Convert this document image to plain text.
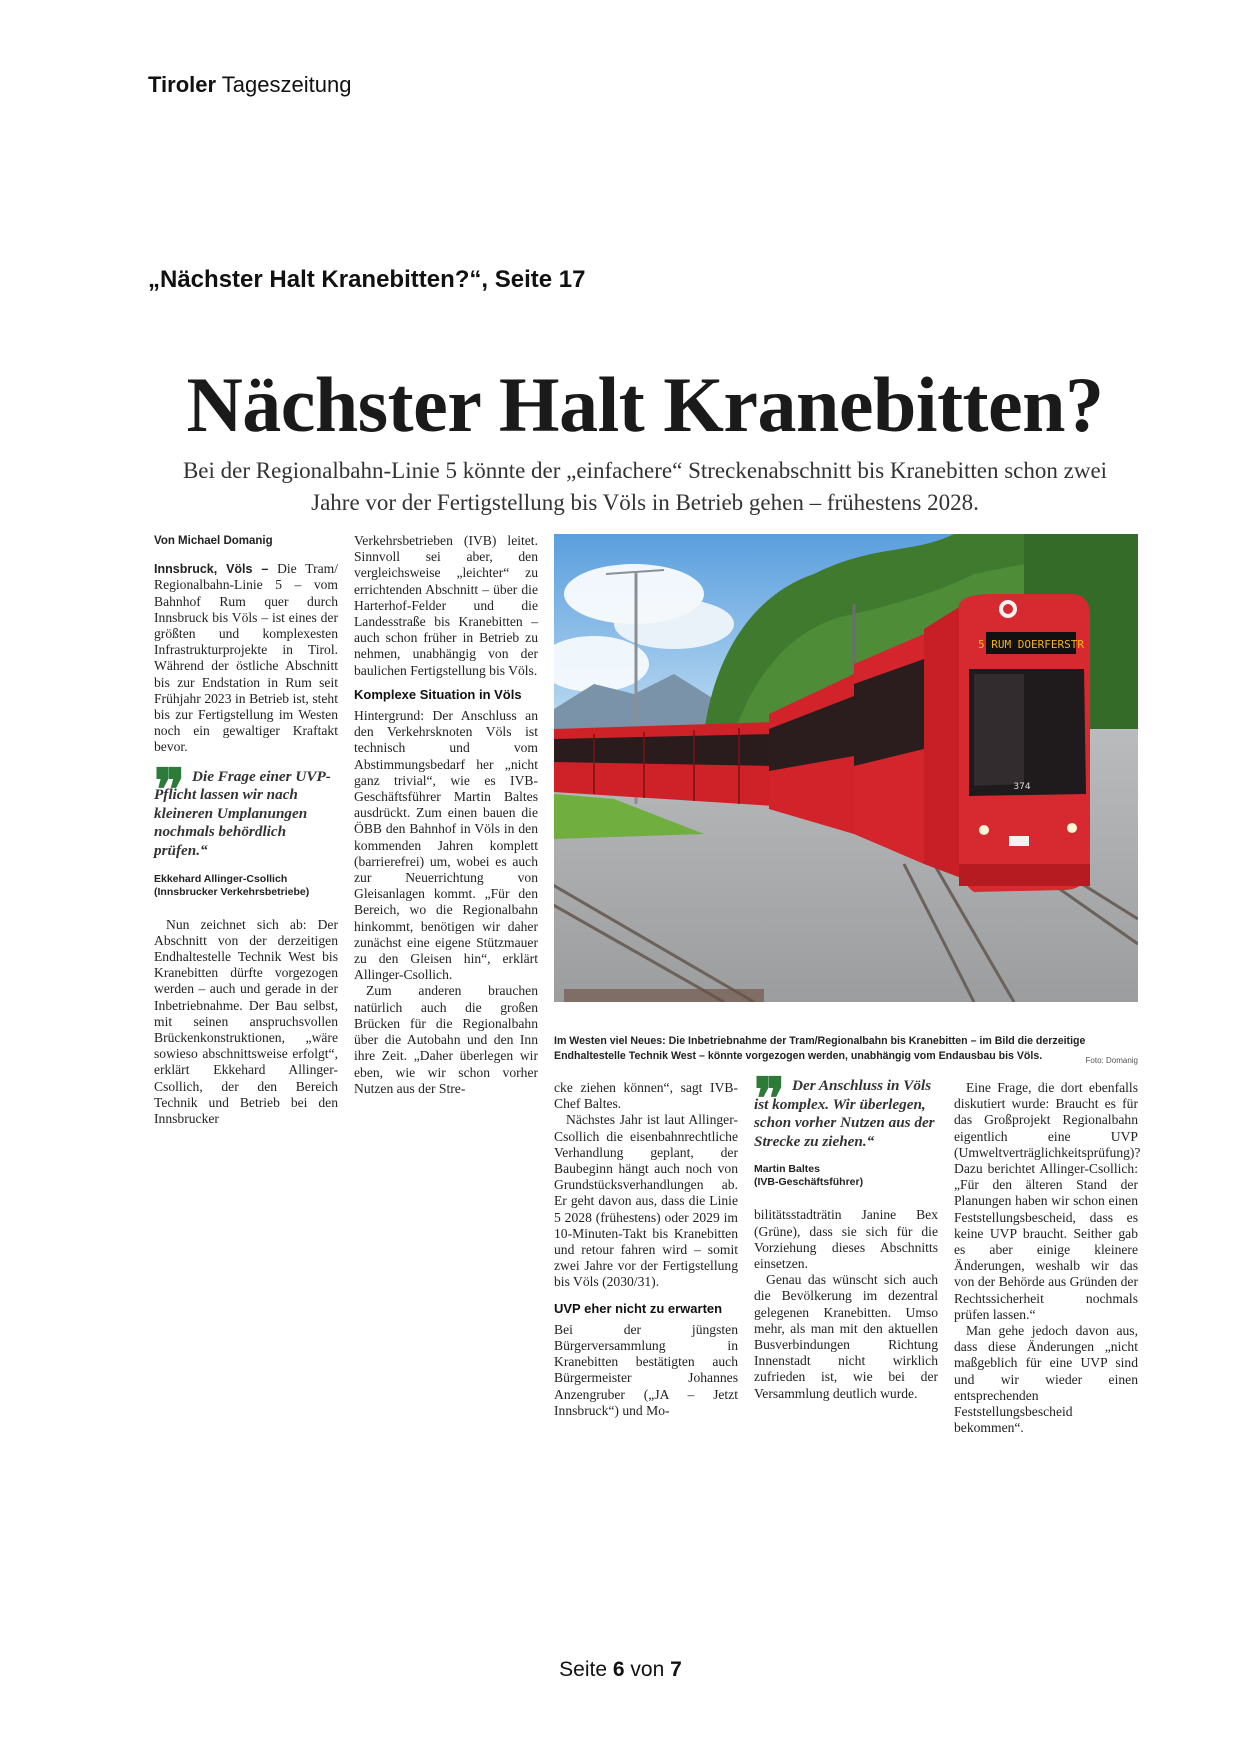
Tiroler Tageszeitung
„Nächster Halt Kranebitten?“, Seite 17
Nächster Halt Kranebitten?
Bei der Regionalbahn-Linie 5 könnte der „einfachere“ Streckenabschnitt bis Kranebitten schon zwei Jahre vor der Fertigstellung bis Völs in Betrieb gehen – frühestens 2028.
Von Michael Domanig

Innsbruck, Völs – Die Tram/ Regionalbahn-Linie 5 – vom Bahnhof Rum quer durch Innsbruck bis Völs – ist eines der größten und komplexesten Infrastrukturprojekte in Tirol. Während der östliche Abschnitt bis zur Endstation in Rum seit Frühjahr 2023 in Betrieb ist, steht bis zur Fertigstellung im Westen noch ein gewaltiger Kraftakt bevor.

❞ Die Frage einer UVP-Pflicht lassen wir nach kleineren Umplanungen nochmals behördlich prüfen.“
Ekkehard Allinger-Csollich
(Innsbrucker Verkehrsbetriebe)

Nun zeichnet sich ab: Der Abschnitt von der derzeitigen Endhaltestelle Technik West bis Kranebitten dürfte vorgezogen werden – auch und gerade in der Inbetriebnahme. Der Bau selbst, mit seinen anspruchsvollen Brückenkonstruktionen, „wäre sowieso abschnittsweise erfolgt“, erklärt Ekkehard Allinger-Csollich, der den Bereich Technik und Betrieb bei den Innsbrucker

Verkehrsbetrieben (IVB) leitet. Sinnvoll sei aber, den vergleichsweise „leichter“ zu errichtenden Abschnitt – über die Harterhof-Felder und die Landesstraße bis Kranebitten – auch schon früher in Betrieb zu nehmen, unabhängig von der baulichen Fertigstellung bis Völs.

Komplexe Situation in Völs

Hintergrund: Der Anschluss an den Verkehrsknoten Völs ist technisch und vom Abstimmungsbedarf her „nicht ganz trivial“, wie es IVB-Geschäftsführer Martin Baltes ausdrückt. Zum einen bauen die ÖBB den Bahnhof in Völs in den kommenden Jahren komplett (barrierefrei) um, wobei es auch zur Neuerrichtung von Gleisanlagen kommt. „Für den Bereich, wo die Regionalbahn hinkommt, benötigen wir daher zunächst eine eigene Stützmauer zu den Gleisen hin“, erklärt Allinger-Csollich.

Zum anderen brauchen natürlich auch die großen Brücken für die Regionalbahn über die Autobahn und den Inn ihre Zeit. „Daher überlegen wir eben, wie wir schon vorher Nutzen aus der Stre-

5 RUM DOERFERSTR
374
Im Westen viel Neues: Die Inbetriebnahme der Tram/Regionalbahn bis Kranebitten – im Bild die derzeitige Endhaltestelle Technik West – könnte vorgezogen werden, unabhängig vom Endausbau bis Völs.	Foto: Domanig

cke ziehen können“, sagt IVB-Chef Baltes.

Nächstes Jahr ist laut Allinger-Csollich die eisenbahnrechtliche Verhandlung geplant, der Baubeginn hängt auch noch von Grundstücksverhandlungen ab. Er geht davon aus, dass die Linie 5 2028 (frühestens) oder 2029 im 10-Minuten-Takt bis Kranebitten und retour fahren wird – somit zwei Jahre vor der Fertigstellung bis Völs (2030/31).

UVP eher nicht zu erwarten

Bei der jüngsten Bürgerversammlung in Kranebitten bestätigten auch Bürgermeister Johannes Anzengruber („JA – Jetzt Innsbruck“) und Mo-

❞ Der Anschluss in Völs ist komplex. Wir überlegen, schon vorher Nutzen aus der Strecke zu ziehen.“
Martin Baltes
(IVB-Geschäftsführer)

bilitätsstadträtin Janine Bex (Grüne), dass sie sich für die Vorziehung dieses Abschnitts einsetzen.

Genau das wünscht sich auch die Bevölkerung im dezentral gelegenen Kranebitten. Umso mehr, als man mit den aktuellen Busverbindungen Richtung Innenstadt nicht wirklich zufrieden ist, wie bei der Versammlung deutlich wurde.

Eine Frage, die dort ebenfalls diskutiert wurde: Braucht es für das Großprojekt Regionalbahn eigentlich eine UVP (Umweltverträglichkeitsprüfung)? Dazu berichtet Allinger-Csollich: „Für den älteren Stand der Planungen haben wir schon einen Feststellungsbescheid, dass es keine UVP braucht. Seither gab es aber einige kleinere Änderungen, weshalb wir das von der Behörde aus Gründen der Rechtssicherheit nochmals prüfen lassen.“

Man gehe jedoch davon aus, dass diese Änderungen „nicht maßgeblich für eine UVP sind und wir wieder einen entsprechenden Feststellungsbescheid bekommen“.

Seite 6 von 7
